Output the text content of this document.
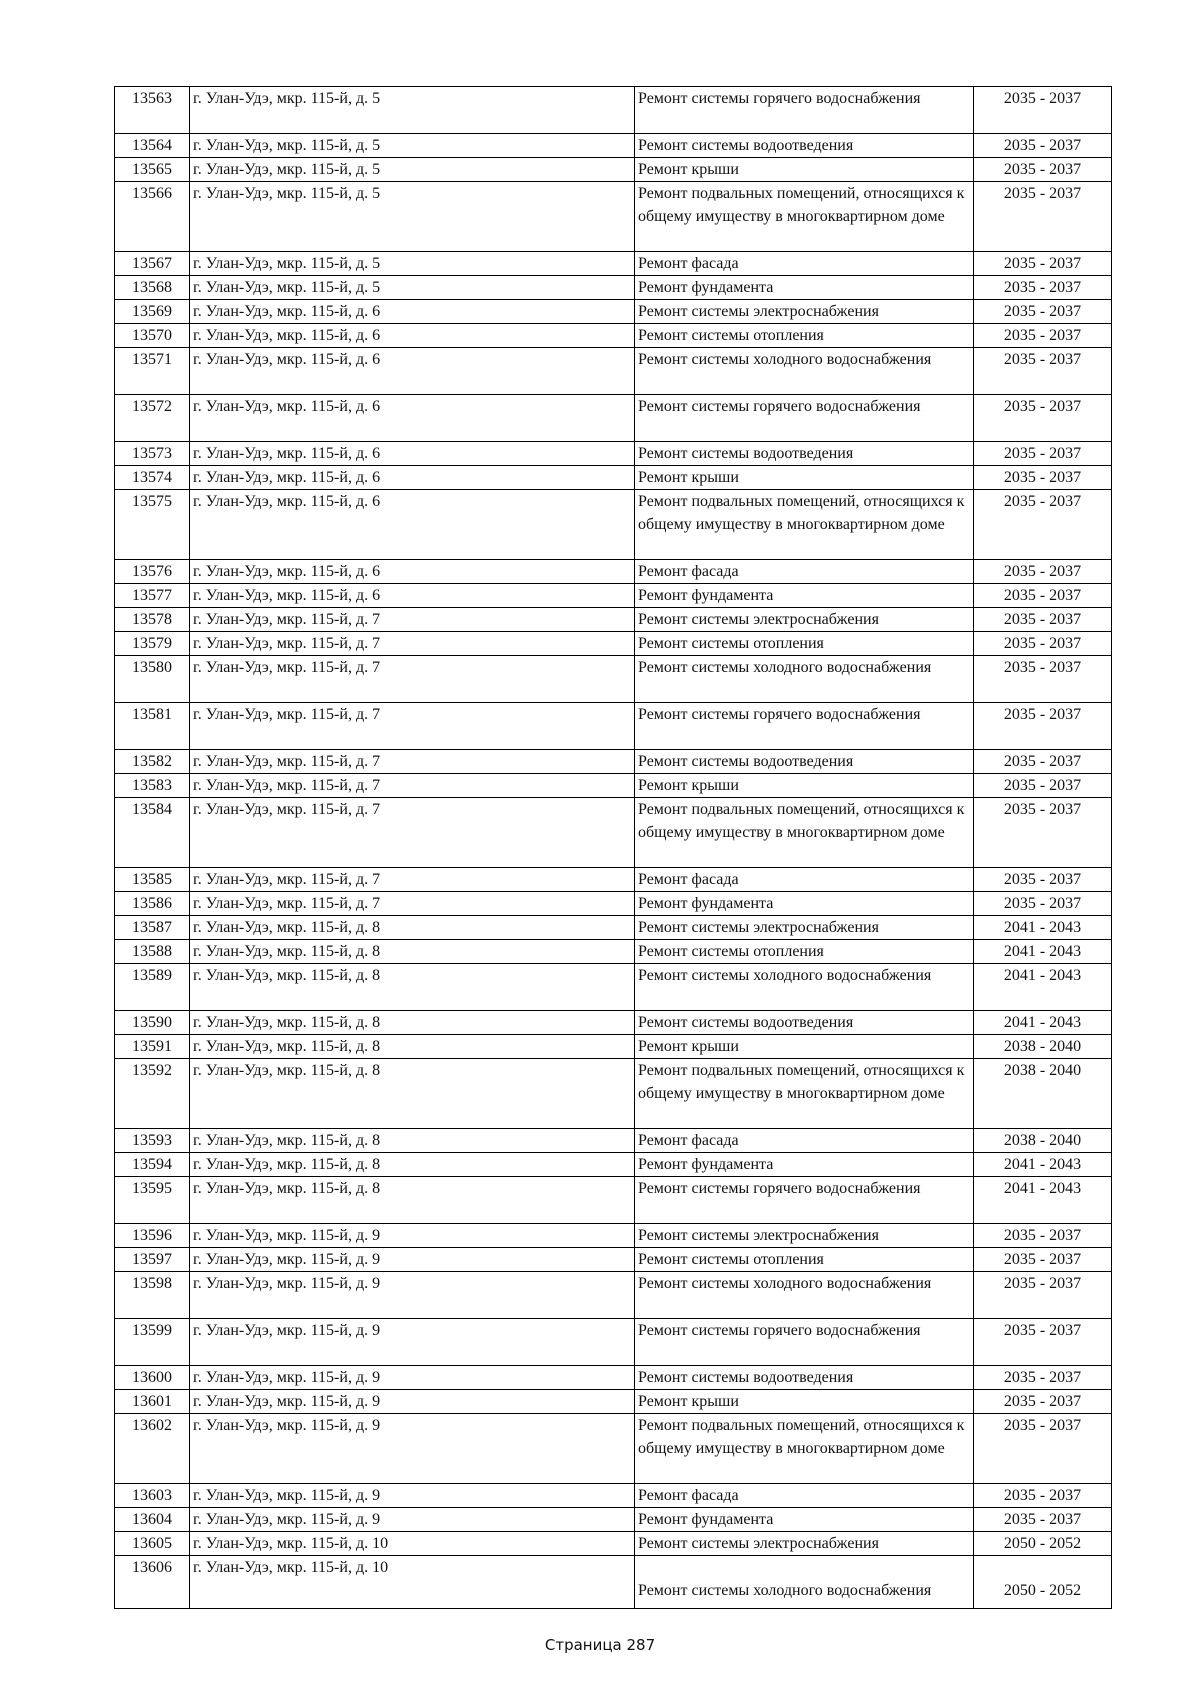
13563	г. Улан-Удэ, мкр. 115-й, д. 5	Ремонт системы горячего водоснабжения	2035 - 2037
13564	г. Улан-Удэ, мкр. 115-й, д. 5	Ремонт системы водоотведения	2035 - 2037
13565	г. Улан-Удэ, мкр. 115-й, д. 5	Ремонт крыши	2035 - 2037
13566	г. Улан-Удэ, мкр. 115-й, д. 5	Ремонт подвальных помещений, относящихся к общему имуществу в многоквартирном доме	2035 - 2037
13567	г. Улан-Удэ, мкр. 115-й, д. 5	Ремонт фасада	2035 - 2037
13568	г. Улан-Удэ, мкр. 115-й, д. 5	Ремонт фундамента	2035 - 2037
13569	г. Улан-Удэ, мкр. 115-й, д. 6	Ремонт системы электроснабжения	2035 - 2037
13570	г. Улан-Удэ, мкр. 115-й, д. 6	Ремонт системы отопления	2035 - 2037
13571	г. Улан-Удэ, мкр. 115-й, д. 6	Ремонт системы холодного водоснабжения	2035 - 2037
13572	г. Улан-Удэ, мкр. 115-й, д. 6	Ремонт системы горячего водоснабжения	2035 - 2037
13573	г. Улан-Удэ, мкр. 115-й, д. 6	Ремонт системы водоотведения	2035 - 2037
13574	г. Улан-Удэ, мкр. 115-й, д. 6	Ремонт крыши	2035 - 2037
13575	г. Улан-Удэ, мкр. 115-й, д. 6	Ремонт подвальных помещений, относящихся к общему имуществу в многоквартирном доме	2035 - 2037
13576	г. Улан-Удэ, мкр. 115-й, д. 6	Ремонт фасада	2035 - 2037
13577	г. Улан-Удэ, мкр. 115-й, д. 6	Ремонт фундамента	2035 - 2037
13578	г. Улан-Удэ, мкр. 115-й, д. 7	Ремонт системы электроснабжения	2035 - 2037
13579	г. Улан-Удэ, мкр. 115-й, д. 7	Ремонт системы отопления	2035 - 2037
13580	г. Улан-Удэ, мкр. 115-й, д. 7	Ремонт системы холодного водоснабжения	2035 - 2037
13581	г. Улан-Удэ, мкр. 115-й, д. 7	Ремонт системы горячего водоснабжения	2035 - 2037
13582	г. Улан-Удэ, мкр. 115-й, д. 7	Ремонт системы водоотведения	2035 - 2037
13583	г. Улан-Удэ, мкр. 115-й, д. 7	Ремонт крыши	2035 - 2037
13584	г. Улан-Удэ, мкр. 115-й, д. 7	Ремонт подвальных помещений, относящихся к общему имуществу в многоквартирном доме	2035 - 2037
13585	г. Улан-Удэ, мкр. 115-й, д. 7	Ремонт фасада	2035 - 2037
13586	г. Улан-Удэ, мкр. 115-й, д. 7	Ремонт фундамента	2035 - 2037
13587	г. Улан-Удэ, мкр. 115-й, д. 8	Ремонт системы электроснабжения	2041 - 2043
13588	г. Улан-Удэ, мкр. 115-й, д. 8	Ремонт системы отопления	2041 - 2043
13589	г. Улан-Удэ, мкр. 115-й, д. 8	Ремонт системы холодного водоснабжения	2041 - 2043
13590	г. Улан-Удэ, мкр. 115-й, д. 8	Ремонт системы водоотведения	2041 - 2043
13591	г. Улан-Удэ, мкр. 115-й, д. 8	Ремонт крыши	2038 - 2040
13592	г. Улан-Удэ, мкр. 115-й, д. 8	Ремонт подвальных помещений, относящихся к общему имуществу в многоквартирном доме	2038 - 2040
13593	г. Улан-Удэ, мкр. 115-й, д. 8	Ремонт фасада	2038 - 2040
13594	г. Улан-Удэ, мкр. 115-й, д. 8	Ремонт фундамента	2041 - 2043
13595	г. Улан-Удэ, мкр. 115-й, д. 8	Ремонт системы горячего водоснабжения	2041 - 2043
13596	г. Улан-Удэ, мкр. 115-й, д. 9	Ремонт системы электроснабжения	2035 - 2037
13597	г. Улан-Удэ, мкр. 115-й, д. 9	Ремонт системы отопления	2035 - 2037
13598	г. Улан-Удэ, мкр. 115-й, д. 9	Ремонт системы холодного водоснабжения	2035 - 2037
13599	г. Улан-Удэ, мкр. 115-й, д. 9	Ремонт системы горячего водоснабжения	2035 - 2037
13600	г. Улан-Удэ, мкр. 115-й, д. 9	Ремонт системы водоотведения	2035 - 2037
13601	г. Улан-Удэ, мкр. 115-й, д. 9	Ремонт крыши	2035 - 2037
13602	г. Улан-Удэ, мкр. 115-й, д. 9	Ремонт подвальных помещений, относящихся к общему имуществу в многоквартирном доме	2035 - 2037
13603	г. Улан-Удэ, мкр. 115-й, д. 9	Ремонт фасада	2035 - 2037
13604	г. Улан-Удэ, мкр. 115-й, д. 9	Ремонт фундамента	2035 - 2037
13605	г. Улан-Удэ, мкр. 115-й, д. 10	Ремонт системы электроснабжения	2050 - 2052
13606	г. Улан-Удэ, мкр. 115-й, д. 10	Ремонт системы холодного водоснабжения	2050 - 2052
Страница 287
